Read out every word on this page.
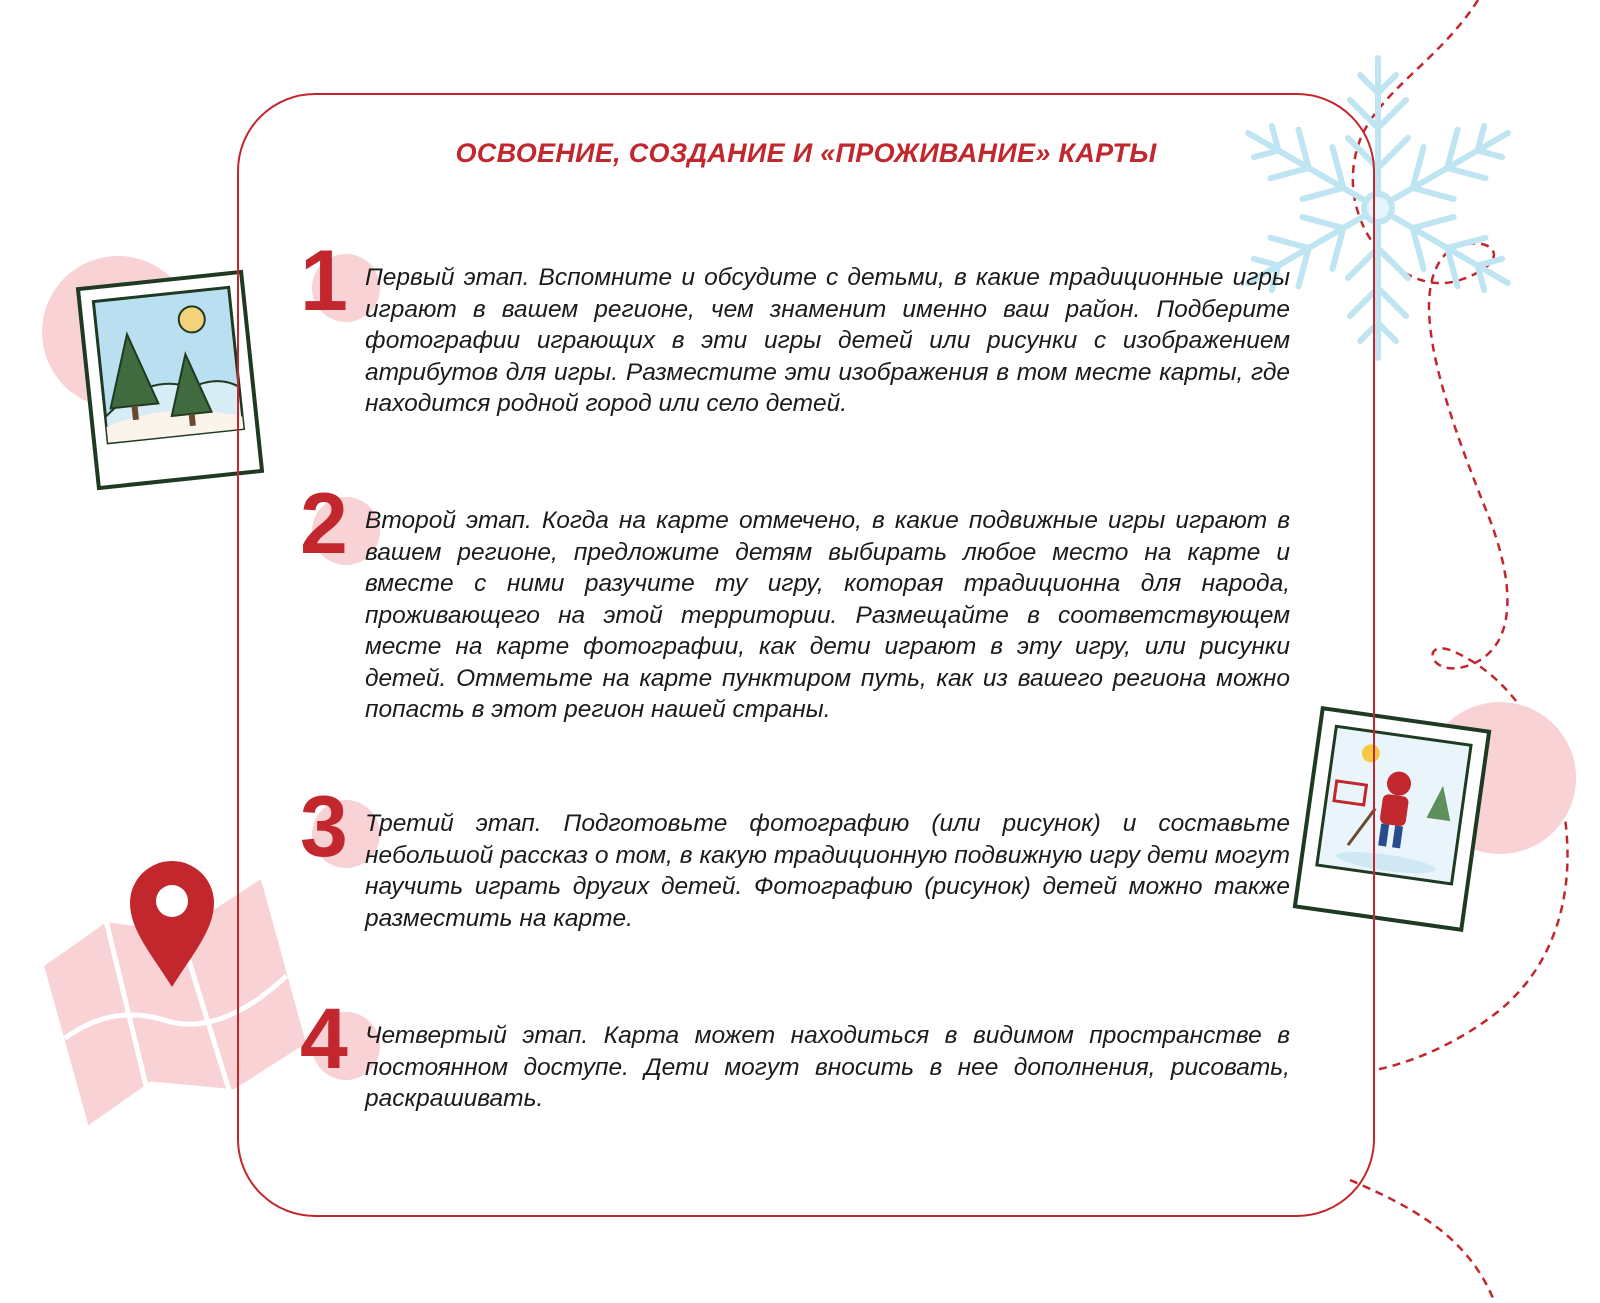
ОСВОЕНИЕ, СОЗДАНИЕ И «ПРОЖИВАНИЕ» КАРТЫ
1 Первый этап. Вспомните и обсудите с детьми, в какие традиционные игры играют в вашем регионе, чем знаменит именно ваш район. Подберите фотографии играющих в эти игры детей или рисунки с изображением атрибутов для игры. Разместите эти изображения в том месте карты, где находится родной город или село детей.
2 Второй этап. Когда на карте отмечено, в какие подвижные игры играют в вашем регионе, предложите детям выбирать любое место на карте и вместе с ними разучите ту игру, которая традиционна для народа, проживающего на этой территории. Размещайте в соответствующем месте на карте фотографии, как дети играют в эту игру, или рисунки детей. Отметьте на карте пунктиром путь, как из вашего региона можно попасть в этот регион нашей страны.
3 Третий этап. Подготовьте фотографию (или рисунок) и составьте небольшой рассказ о том, в какую традиционную подвижную игру дети могут научить играть других детей. Фотографию (рисунок) детей можно также разместить на карте.
4 Четвертый этап. Карта может находиться в видимом пространстве в постоянном доступе. Дети могут вносить в нее дополнения, рисовать, раскрашивать.
